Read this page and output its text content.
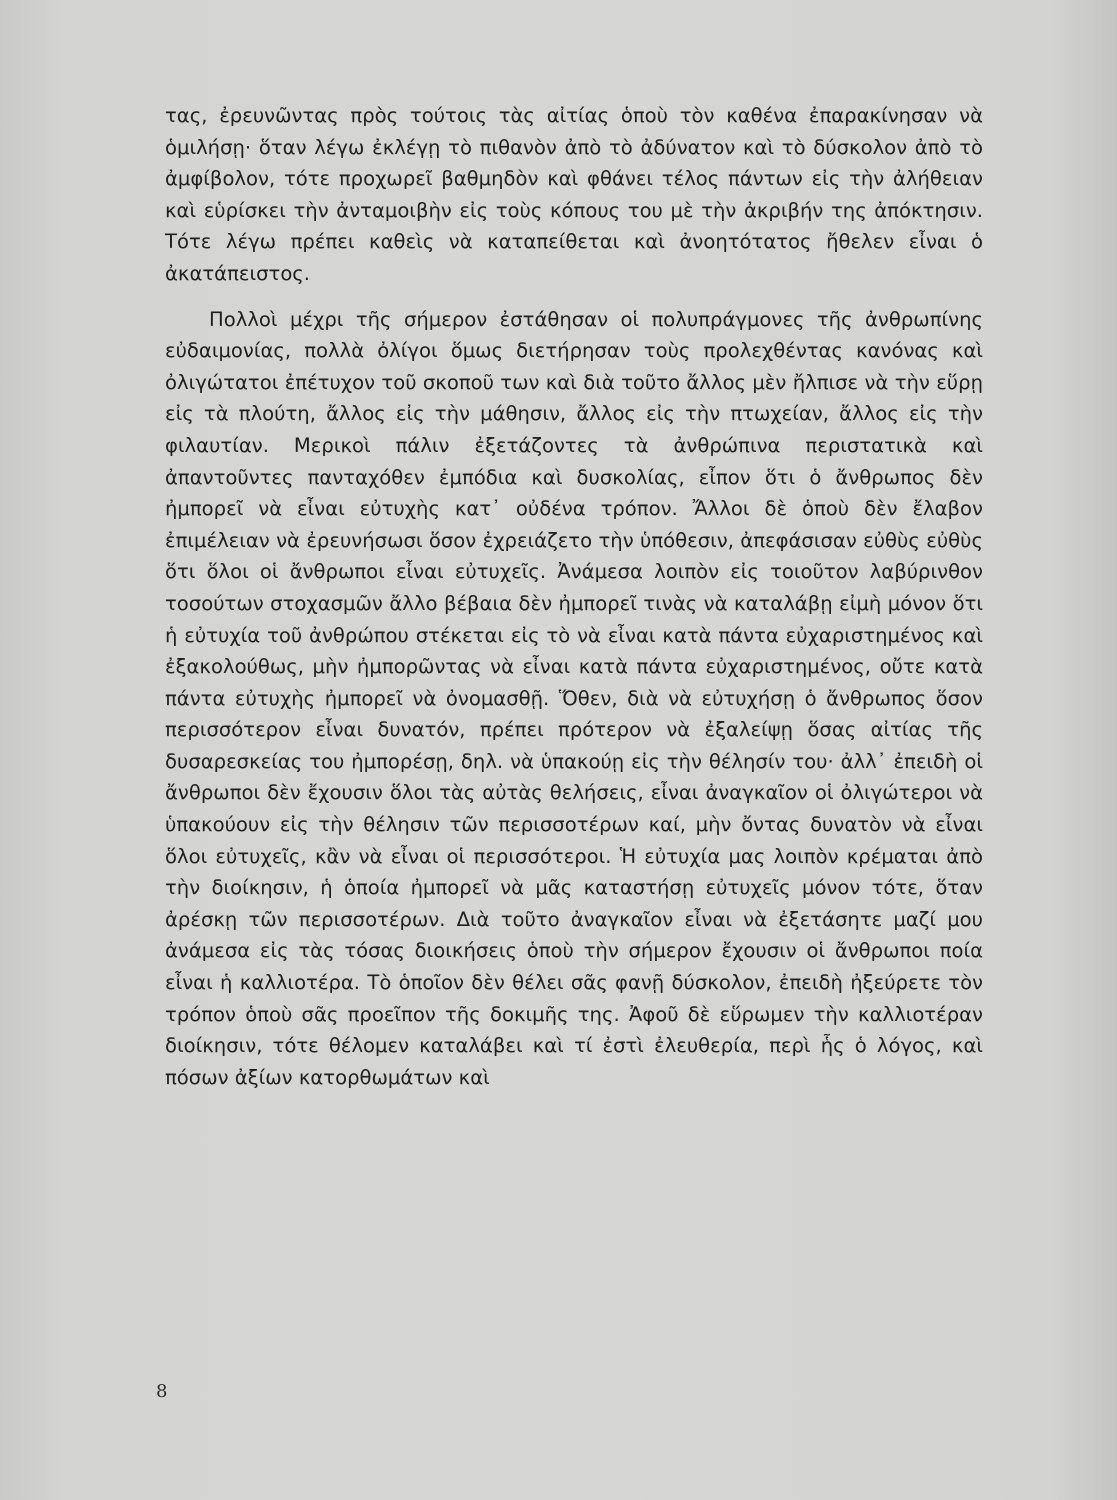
τας, ἐρευνῶντας πρὸς τούτοις τὰς αἰτίας ὁποὺ τὸν καθένα ἐπαρακίνησαν νὰ ὁμιλήσῃ· ὅταν λέγω ἐκλέγῃ τὸ πιθανὸν ἀπὸ τὸ ἀδύνατον καὶ τὸ δύσκολον ἀπὸ τὸ ἀμφίβολον, τότε προχωρεῖ βαθμηδὸν καὶ φθάνει τέλος πάντων εἰς τὴν ἀλήθειαν καὶ εὑρίσκει τὴν ἀνταμοιβὴν εἰς τοὺς κόπους του μὲ τὴν ἀκριβήν της ἀπόκτησιν. Τότε λέγω πρέπει καθεὶς νὰ καταπείθεται καὶ ἀνοητότατος ἤθελεν εἶναι ὁ ἀκατάπειστος.

Πολλοὶ μέχρι τῆς σήμερον ἐστάθησαν οἱ πολυπράγμονες τῆς ἀνθρωπίνης εὐδαιμονίας, πολλὰ ὀλίγοι ὅμως διετήρησαν τοὺς προλεχθέντας κανόνας καὶ ὀλιγώτατοι ἐπέτυχον τοῦ σκοποῦ των καὶ διὰ τοῦτο ἄλλος μὲν ἤλπισε νὰ τὴν εὕρῃ εἰς τὰ πλούτη, ἄλλος εἰς τὴν μάθησιν, ἄλλος εἰς τὴν πτωχείαν, ἄλλος εἰς τὴν φιλαυτίαν. Μερικοὶ πάλιν ἐξετάζοντες τὰ ἀνθρώπινα περιστατικὰ καὶ ἀπαντοῦντες πανταχόθεν ἐμπόδια καὶ δυσκολίας, εἶπον ὅτι ὁ ἄνθρωπος δὲν ἠμπορεῖ νὰ εἶναι εὐτυχὴς κατ᾽ οὐδένα τρόπον. Ἄλλοι δὲ ὁποὺ δὲν ἔλαβον ἐπιμέλειαν νὰ ἐρευνήσωσι ὅσον ἐχρειάζετο τὴν ὑπόθεσιν, ἀπεφάσισαν εὐθὺς εὐθὺς ὅτι ὅλοι οἱ ἄνθρωποι εἶναι εὐτυχεῖς. Ἀνάμεσα λοιπὸν εἰς τοιοῦτον λαβύρινθον τοσούτων στοχασμῶν ἄλλο βέβαια δὲν ἠμπορεῖ τινὰς νὰ καταλάβῃ εἰμὴ μόνον ὅτι ἡ εὐτυχία τοῦ ἀνθρώπου στέκεται εἰς τὸ νὰ εἶναι κατὰ πάντα εὐχαριστημένος καὶ ἐξακολούθως, μὴν ἠμπορῶντας νὰ εἶναι κατὰ πάντα εὐχαριστημένος, οὔτε κατὰ πάντα εὐτυχὴς ἠμπορεῖ νὰ ὀνομασθῇ. Ὅθεν, διὰ νὰ εὐτυχήσῃ ὁ ἄνθρωπος ὅσον περισσότερον εἶναι δυνατόν, πρέπει πρότερον νὰ ἐξαλείψῃ ὅσας αἰτίας τῆς δυσαρεσκείας του ἠμπορέσῃ, δηλ. νὰ ὑπακούῃ εἰς τὴν θέλησίν του· ἀλλ᾽ ἐπειδὴ οἱ ἄνθρωποι δὲν ἔχουσιν ὅλοι τὰς αὐτὰς θελήσεις, εἶναι ἀναγκαῖον οἱ ὀλιγώτεροι νὰ ὑπακούουν εἰς τὴν θέλησιν τῶν περισσοτέρων καί, μὴν ὄντας δυνατὸν νὰ εἶναι ὅλοι εὐτυχεῖς, κἂν νὰ εἶναι οἱ περισσότεροι. Ἡ εὐτυχία μας λοιπὸν κρέμαται ἀπὸ τὴν διοίκησιν, ἡ ὁποία ἠμπορεῖ νὰ μᾶς καταστήσῃ εὐτυχεῖς μόνον τότε, ὅταν ἀρέσκῃ τῶν περισσοτέρων. Διὰ τοῦτο ἀναγκαῖον εἶναι νὰ ἐξετάσητε μαζί μου ἀνάμεσα εἰς τὰς τόσας διοικήσεις ὁποὺ τὴν σήμερον ἔχουσιν οἱ ἄνθρωποι ποία εἶναι ἡ καλλιοτέρα. Τὸ ὁποῖον δὲν θέλει σᾶς φανῇ δύσκολον, ἐπειδὴ ἠξεύρετε τὸν τρόπον ὁποὺ σᾶς προεῖπον τῆς δοκιμῆς της. Ἀφοῦ δὲ εὕρωμεν τὴν καλλιοτέραν διοίκησιν, τότε θέλομεν καταλάβει καὶ τί ἐστὶ ἐλευθερία, περὶ ἧς ὁ λόγος, καὶ πόσων ἀξίων κατορθωμάτων καὶ

8
